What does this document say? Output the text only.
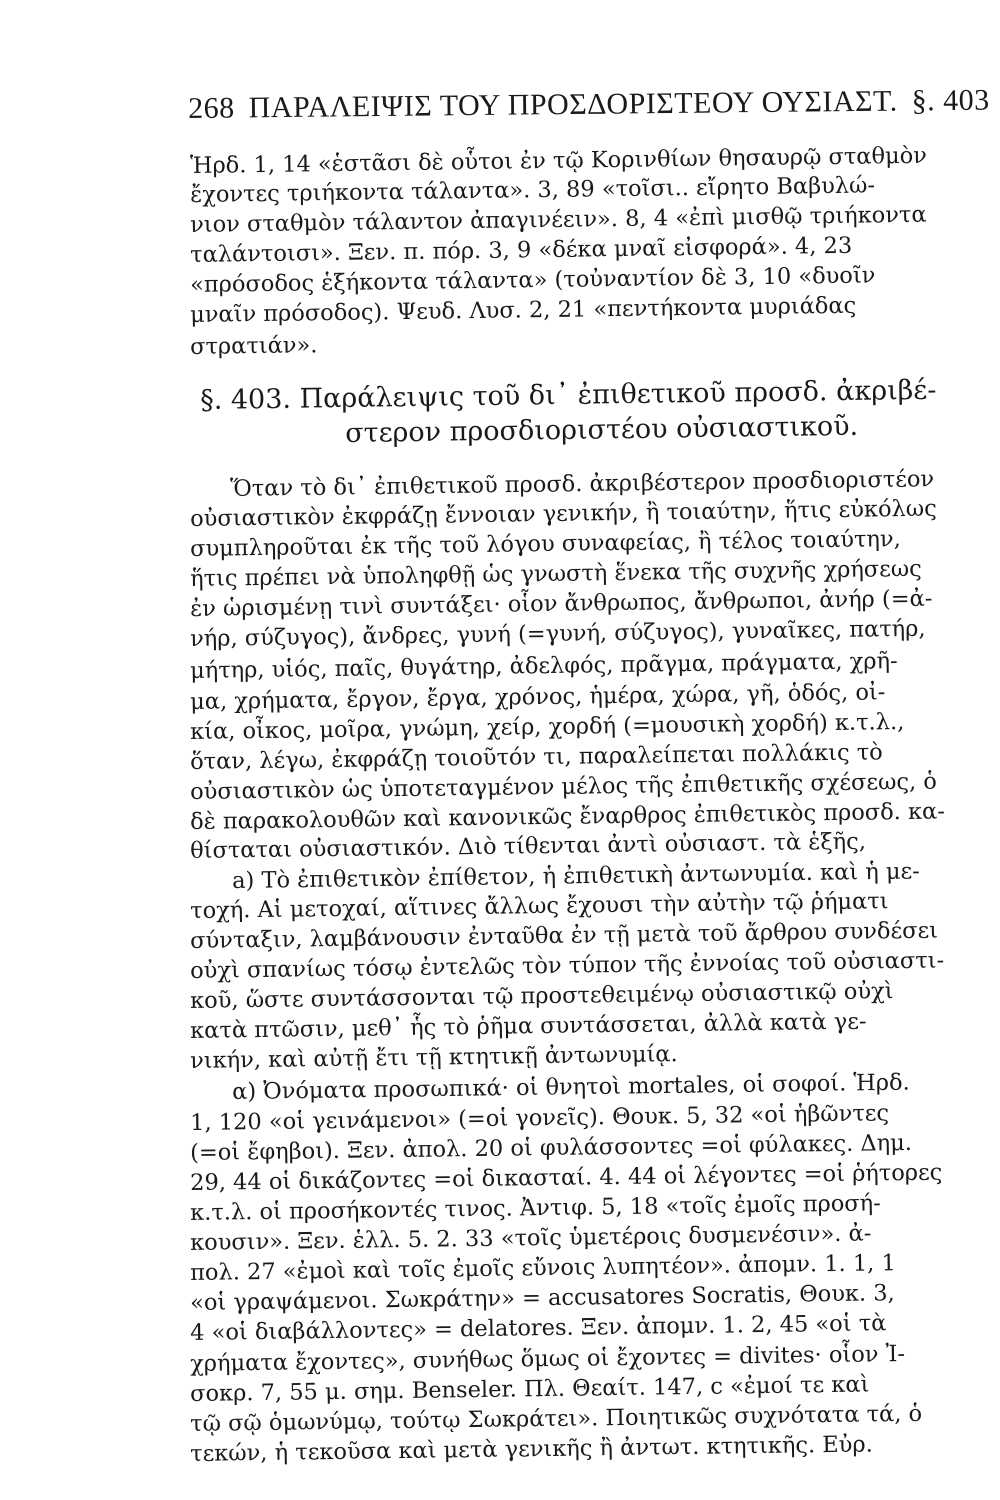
268 ΠΑΡΑΛΕΙΨΙΣ ΤΟΥ ΠΡΟΣΔΟΡΙΣΤΕΟΥ ΟΥΣΙΑΣΤ. §. 403
Ἡρδ. 1, 14 «ἑστᾶσι δὲ οὗτοι ἐν τῷ Κορινθίων θησαυρῷ σταθμὸν
ἔχοντες τριήκοντα τάλαντα». 3, 89 «τοῖσι.. εἴρητο Βαβυλώ-
νιον σταθμὸν τάλαντον ἀπαγινέειν». 8, 4 «ἐπὶ μισθῷ τριήκοντα
ταλάντοισι». Ξεν. π. πόρ. 3, 9 «δέκα μναῖ εἰσφορά». 4, 23
«πρόσοδος ἑξήκοντα τάλαντα» (τοὐναντίον δὲ 3, 10 «δυοῖν
μναῖν πρόσοδος). Ψευδ. Λυσ. 2, 21 «πεντήκοντα μυριάδας
στρατιάν».
§. 403. Παράλειψις τοῦ δι᾽ ἐπιθετικοῦ προσδ. ἀκριβέ-
στερον προσδιοριστέου οὐσιαστικοῦ.
Ὅταν τὸ δι᾽ ἐπιθετικοῦ προσδ. ἀκριβέστερον προσδιοριστέον
οὐσιαστικὸν ἐκφράζῃ ἔννοιαν γενικήν, ἢ τοιαύτην, ἥτις εὐκόλως
συμπληροῦται ἐκ τῆς τοῦ λόγου συναφείας, ἢ τέλος τοιαύτην,
ἥτις πρέπει νὰ ὑποληφθῇ ὡς γνωστὴ ἕνεκα τῆς συχνῆς χρήσεως
ἐν ὡρισμένῃ τινὶ συντάξει· οἷον ἄνθρωπος, ἄνθρωποι, ἀνήρ (=ἀ-
νήρ, σύζυγος), ἄνδρες, γυνή (=γυνή, σύζυγος), γυναῖκες, πατήρ,
μήτηρ, υἱός, παῖς, θυγάτηρ, ἀδελφός, πρᾶγμα, πράγματα, χρῆ-
μα, χρήματα, ἔργον, ἔργα, χρόνος, ἡμέρα, χώρα, γῆ, ὁδός, οἰ-
κία, οἶκος, μοῖρα, γνώμη, χείρ, χορδή (=μουσικὴ χορδή) κ.τ.λ.,
ὅταν, λέγω, ἐκφράζῃ τοιοῦτόν τι, παραλείπεται πολλάκις τὸ
οὐσιαστικὸν ὡς ὑποτεταγμένον μέλος τῆς ἐπιθετικῆς σχέσεως, ὁ
δὲ παρακολουθῶν καὶ κανονικῶς ἔναρθρος ἐπιθετικὸς προσδ. κα-
θίσταται οὐσιαστικόν. Διὸ τίθενται ἀντὶ οὐσιαστ. τὰ ἑξῆς,
a) Τὸ ἐπιθετικὸν ἐπίθετον, ἡ ἐπιθετικὴ ἀντωνυμία. καὶ ἡ με-
τοχή. Αἱ μετοχαί, αἵτινες ἄλλως ἔχουσι τὴν αὐτὴν τῷ ῥήματι
σύνταξιν, λαμβάνουσιν ἐνταῦθα ἐν τῇ μετὰ τοῦ ἄρθρου συνδέσει
οὐχὶ σπανίως τόσῳ ἐντελῶς τὸν τύπον τῆς ἐννοίας τοῦ οὐσιαστι-
κοῦ, ὥστε συντάσσονται τῷ προστεθειμένῳ οὐσιαστικῷ οὐχὶ
κατὰ πτῶσιν, μεθ᾽ ἧς τὸ ῥῆμα συντάσσεται, ἀλλὰ κατὰ γε-
νικήν, καὶ αὐτῇ ἔτι τῇ κτητικῇ ἀντωνυμίᾳ.
α) Ὀνόματα προσωπικά· οἱ θνητοὶ mortales, οἱ σοφοί. Ἡρδ.
1, 120 «οἱ γεινάμενοι» (=οἱ γονεῖς). Θουκ. 5, 32 «οἱ ἡβῶντες
(=οἱ ἔφηβοι). Ξεν. ἀπολ. 20 οἱ φυλάσσοντες =οἱ φύλακες. Δημ.
29, 44 οἱ δικάζοντες =οἱ δικασταί. 4. 44 οἱ λέγοντες =οἱ ῥήτορες
κ.τ.λ. οἱ προσήκοντές τινος. Ἀντιφ. 5, 18 «τοῖς ἐμοῖς προσή-
κουσιν». Ξεν. ἑλλ. 5. 2. 33 «τοῖς ὑμετέροις δυσμενέσιν». ἀ-
πολ. 27 «ἐμοὶ καὶ τοῖς ἐμοῖς εὔνοις λυπητέον». ἀπομν. 1. 1, 1
«οἱ γραψάμενοι. Σωκράτην» = accusatores Socratis, Θουκ. 3,
4 «οἱ διαβάλλοντες» = delatores. Ξεν. ἀπομν. 1. 2, 45 «οἱ τὰ
χρήματα ἔχοντες», συνήθως ὅμως οἱ ἔχοντες = divites· οἷον Ἰ-
σοκρ. 7, 55 μ. σημ. Benseler. Πλ. Θεαίτ. 147, c «ἐμοί τε καὶ
τῷ σῷ ὁμωνύμῳ, τούτῳ Σωκράτει». Ποιητικῶς συχνότατα τά, ὁ
τεκών, ἡ τεκοῦσα καὶ μετὰ γενικῆς ἢ ἀντωτ. κτητικῆς. Εὐρ.
